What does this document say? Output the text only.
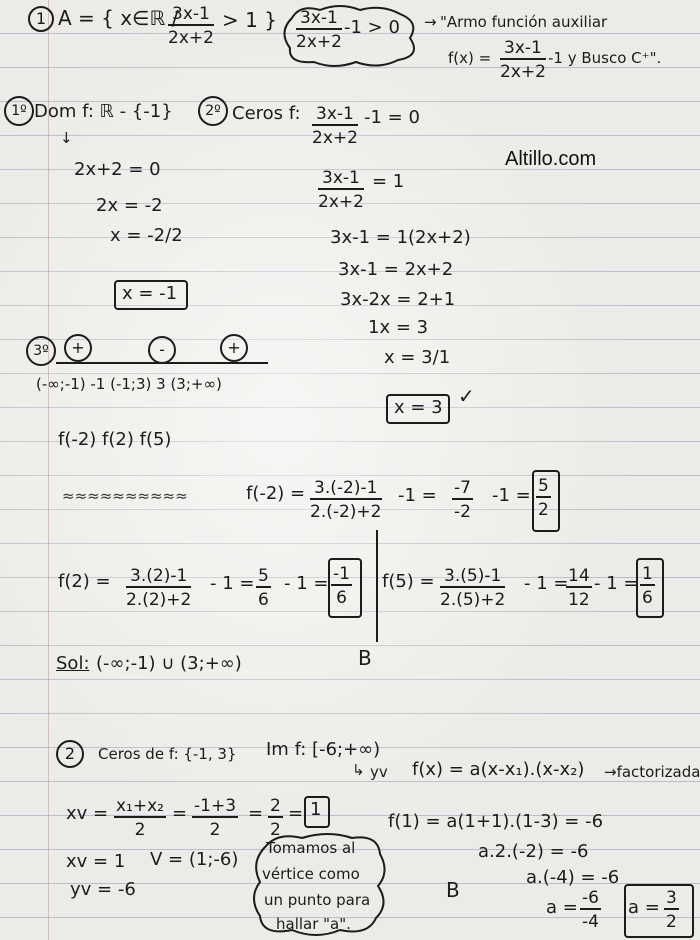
Altillo.com
1 A = { x∈ℝ /
$\frac{3x-1}{2x+2} > 1$ } $\frac{3x-1}{2x+2} -1 > 0$ → "Armo función auxiliar
$f(x) = \frac{3x-1}{2x+2} -1$ y Busco C⁺".
1º Dom f: ℝ - {-1}	2º Ceros f: $\frac{3x-1}{2x+2} -1 = 0$
↓
2x+2 = 0
2x = -2
x = -2/2
x = -1
$\frac{3x-1}{2x+2} = 1$
3x-1 = 1(2x+2)
3x-1 = 2x+2
3x-2x = 2+1
1x = 3
x = 3/1
x = 3 ✓
3º	+	-	+
(-∞;-1) -1 (-1;3) 3 (3;+∞)
f(-2) f(2) f(5)
≈≈≈≈≈≈≈≈≈≈	$f(-2) = \frac{3.(-2)-1}{2.(-2)+2} -1 = \frac{-7}{-2} -1 = \frac{5}{2}$
$f(2) = \frac{3.(2)-1}{2.(2)+2} - 1 = \frac{5}{6} - 1 = \frac{-1}{6} f(5) = \frac{3.(5)-1}{2.(5)+2} - 1$ =
$\frac{14}{12} - 1 = \frac{1}{6}$
Sol: (-∞;-1) ∪ (3;+∞)	B
2	Ceros de f: {-1, 3} Im f: [-6;+∞)
↳ yv f(x) = a(x-x₁).(x-x₂) →factorizada
xv = $\frac{\text{x₁+x₂}}{2} = \frac{-1+3}{2} = \frac{2}{2} = 1$
f(1) = a(1+1).(1-3) = -6
xv = 1 V = (1;-6)
yv = -6
Tomamos al
vértice como
un punto para
hallar "a".
B
a.2.(-2) = -6
a.(-4) = -6
$a = \frac{-6}{-4}$ $a = \frac{3}{2}$
